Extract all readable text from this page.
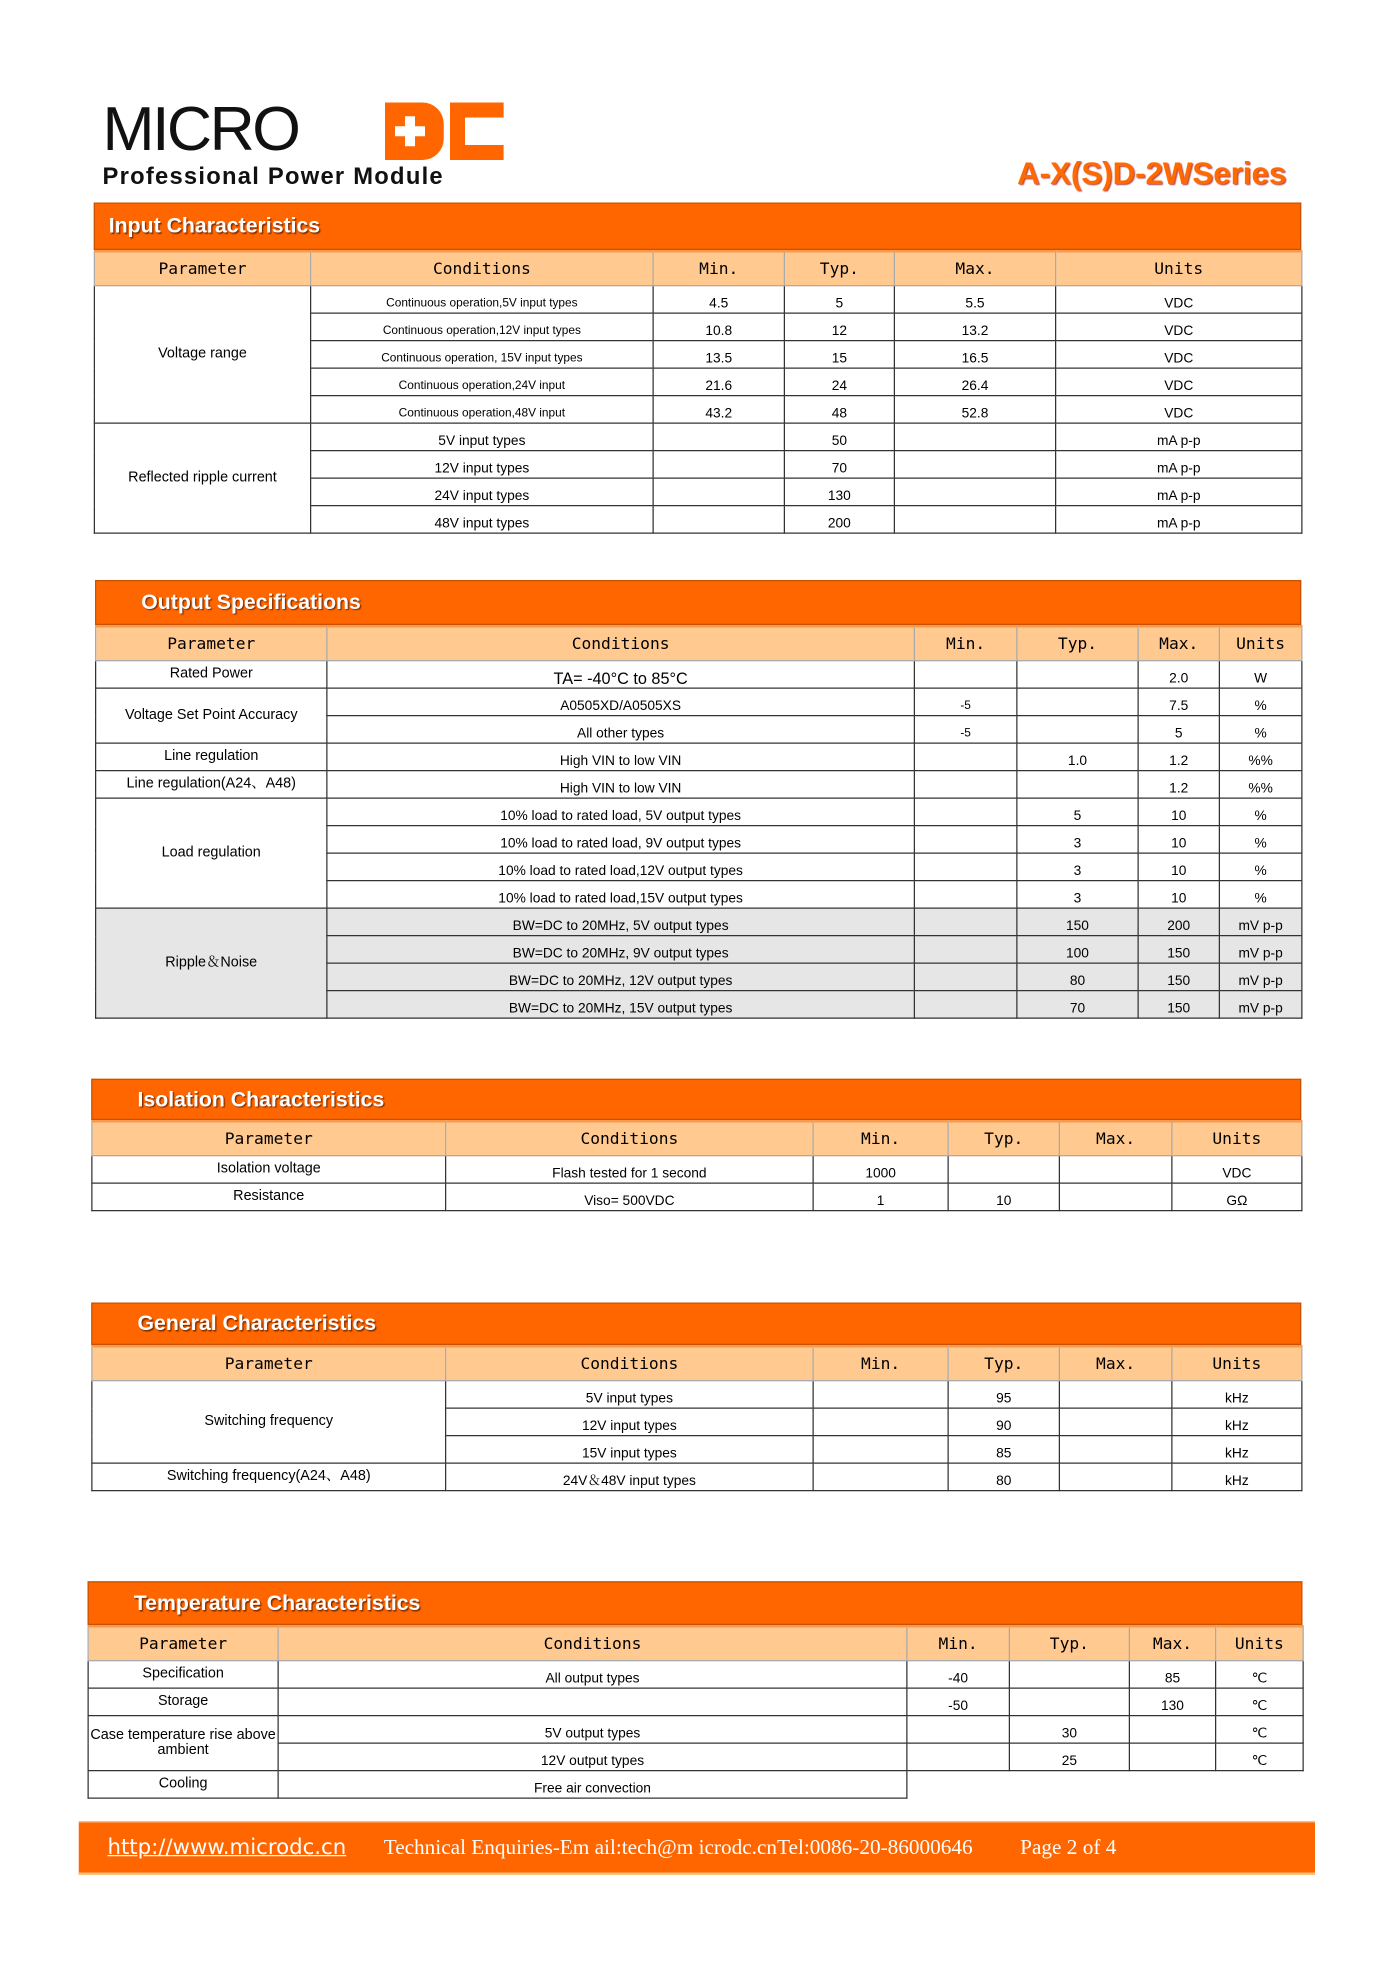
MICRO
Professional Power Module	A-X(S)D-2WSeries
Input Characteristics
Parameter	Conditions	Min.	Typ.	Max.	Units
Voltage range	Continuous operation,5V input types	4.5	5	5.5	VDC
	Continuous operation,12V input types	10.8	12	13.2	VDC
	Continuous operation, 15V input types	13.5	15	16.5	VDC
	Continuous operation,24V input	21.6	24	26.4	VDC
	Continuous operation,48V input	43.2	48	52.8	VDC
Reflected ripple current	5V input types		50		mA p-p
	12V input types		70		mA p-p
	24V input types		130		mA p-p
	48V input types		200		mA p-p
Output Specifications
Parameter	Conditions	Min.	Typ.	Max.	Units
Rated Power	TA= -40°C to 85°C			2.0	W
Voltage Set Point Accuracy	A0505XD/A0505XS	-5		7.5	%
	All other types	-5		5	%
Line regulation	High VIN to low VIN		1.0	1.2	%%
Line regulation(A24、A48)	High VIN to low VIN			1.2	%%
Load regulation	10% load to rated load, 5V output types		5	10	%
	10% load to rated load, 9V output types		3	10	%
	10% load to rated load,12V output types		3	10	%
	10% load to rated load,15V output types		3	10	%
Ripple＆Noise	BW=DC to 20MHz, 5V output types		150	200	mV p-p
	BW=DC to 20MHz, 9V output types		100	150	mV p-p
	BW=DC to 20MHz, 12V output types		80	150	mV p-p
	BW=DC to 20MHz, 15V output types		70	150	mV p-p
Isolation Characteristics
Parameter	Conditions	Min.	Typ.	Max.	Units
Isolation voltage	Flash tested for 1 second	1000			VDC
Resistance	Viso= 500VDC	1	10		GΩ
General Characteristics
Parameter	Conditions	Min.	Typ.	Max.	Units
Switching frequency	5V input types		95		kHz
	12V input types		90		kHz
	15V input types		85		kHz
Switching frequency(A24、A48)	24V＆48V input types		80		kHz
Temperature Characteristics
Parameter	Conditions	Min.	Typ.	Max.	Units
Specification	All output types	-40		85	℃
Storage		-50		130	℃
Case temperature rise above ambient	5V output types		30		℃
	12V output types		25		℃
Cooling	Free air convection				
http://www.microdc.cn Technical Enquiries-Em ail:tech@m icrodc.cnTel:0086-20-86000646	Page 2 of 4
